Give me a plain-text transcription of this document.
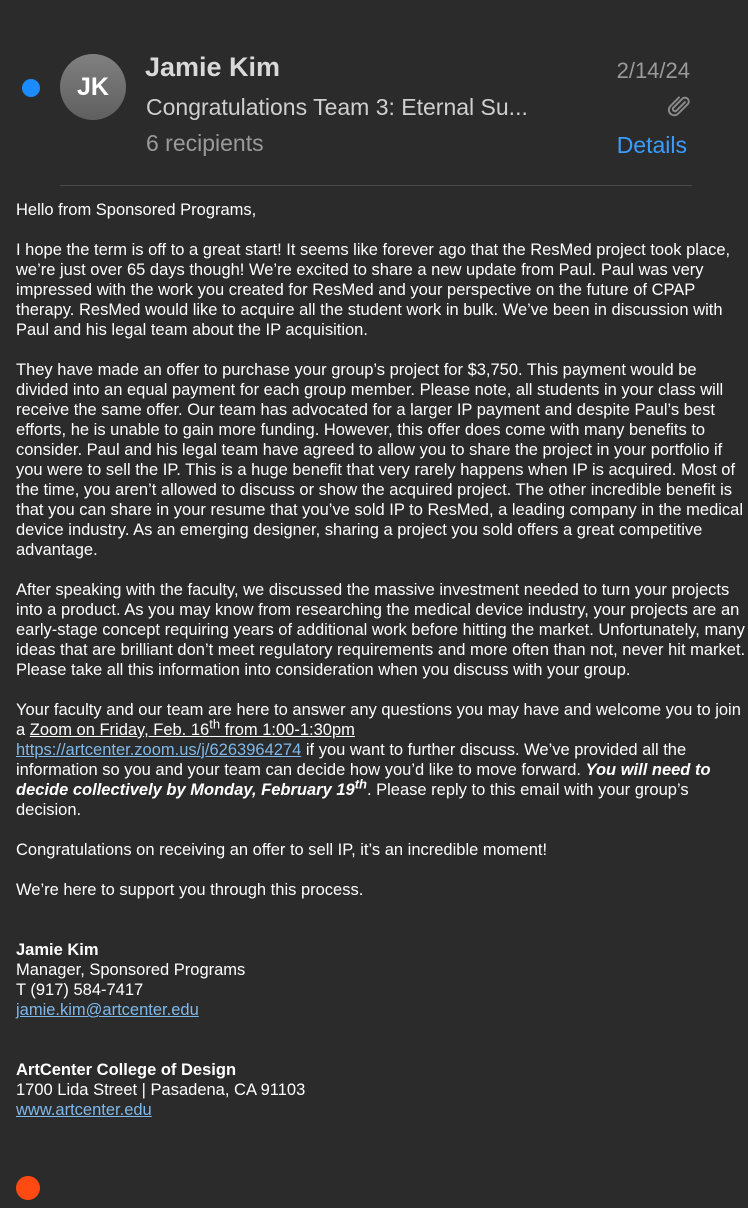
JK
Jamie Kim
Congratulations Team 3: Eternal Su...
6 recipients
2/14/24
Details

Hello from Sponsored Programs,

I hope the term is off to a great start! It seems like forever ago that the ResMed project took place, we’re just over 65 days though! We’re excited to share a new update from Paul. Paul was very impressed with the work you created for ResMed and your perspective on the future of CPAP therapy. ResMed would like to acquire all the student work in bulk. We’ve been in discussion with Paul and his legal team about the IP acquisition.

They have made an offer to purchase your group’s project for $3,750. This payment would be divided into an equal payment for each group member. Please note, all students in your class will receive the same offer. Our team has advocated for a larger IP payment and despite Paul’s best efforts, he is unable to gain more funding. However, this offer does come with many benefits to consider. Paul and his legal team have agreed to allow you to share the project in your portfolio if you were to sell the IP. This is a huge benefit that very rarely happens when IP is acquired. Most of the time, you aren’t allowed to discuss or show the acquired project. The other incredible benefit is that you can share in your resume that you’ve sold IP to ResMed, a leading company in the medical device industry. As an emerging designer, sharing a project you sold offers a great competitive advantage.

After speaking with the faculty, we discussed the massive investment needed to turn your projects into a product. As you may know from researching the medical device industry, your projects are an early-stage concept requiring years of additional work before hitting the market. Unfortunately, many ideas that are brilliant don’t meet regulatory requirements and more often than not, never hit market. Please take all this information into consideration when you discuss with your group.

Your faculty and our team are here to answer any questions you may have and welcome you to join a Zoom on Friday, Feb. 16th from 1:00-1:30pm
https://artcenter.zoom.us/j/6263964274 if you want to further discuss. We’ve provided all the information so you and your team can decide how you’d like to move forward. You will need to decide collectively by Monday, February 19th. Please reply to this email with your group’s decision.

Congratulations on receiving an offer to sell IP, it’s an incredible moment!

We’re here to support you through this process.

Jamie Kim
Manager, Sponsored Programs
T (917) 584-7417
jamie.kim@artcenter.edu
ArtCenter College of Design
1700 Lida Street | Pasadena, CA 91103
www.artcenter.edu
